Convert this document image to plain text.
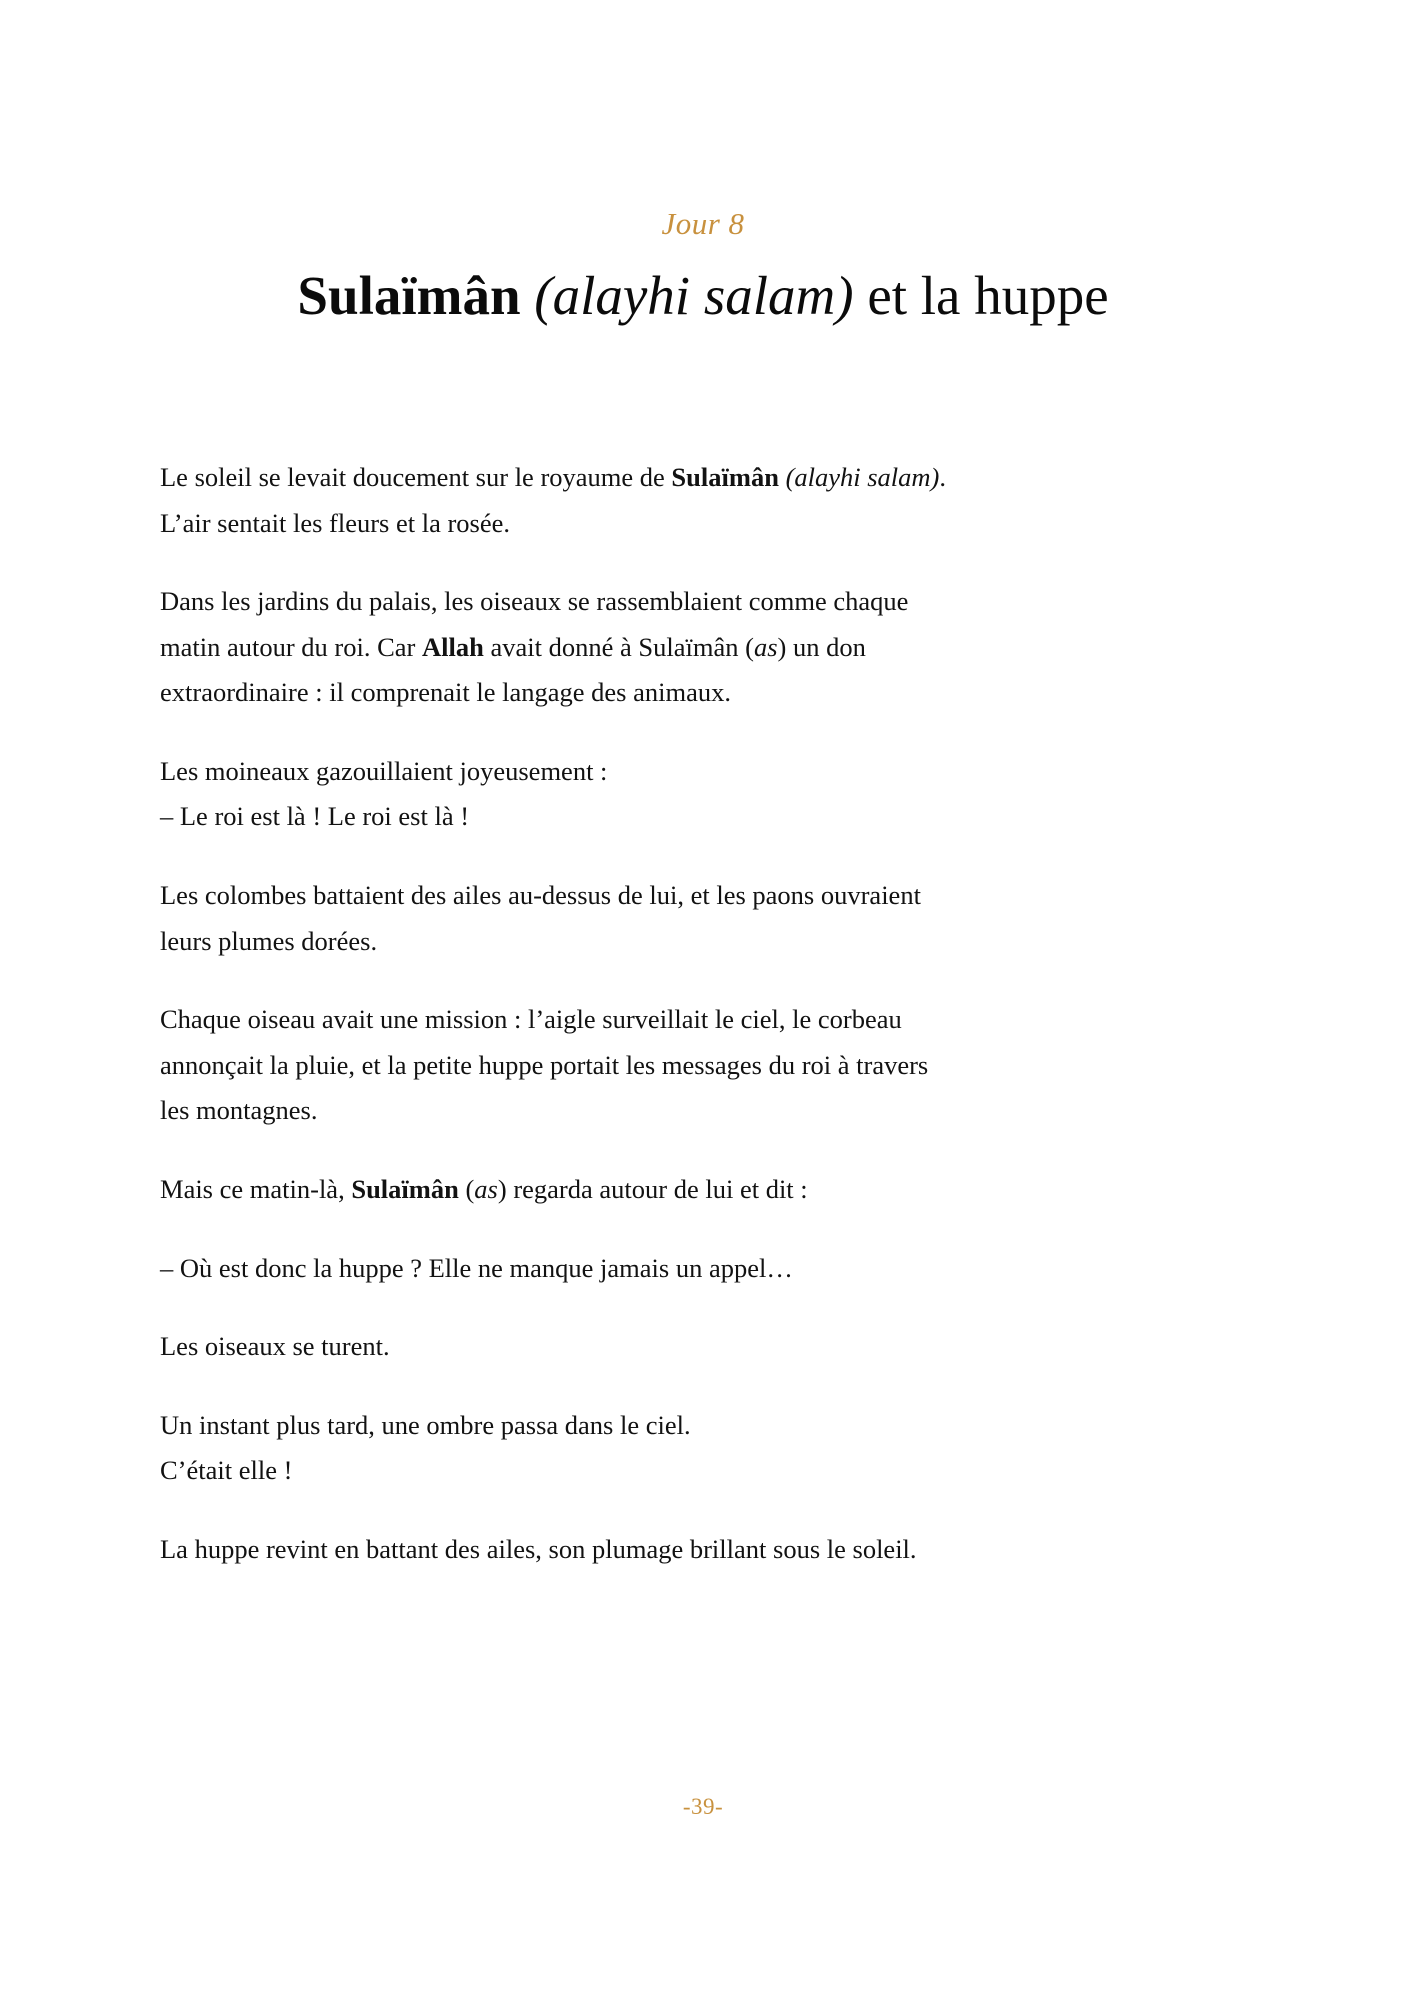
Jour 8
Sulaïmân (alayhi salam) et la huppe

Le soleil se levait doucement sur le royaume de Sulaïmân (alayhi salam). L’air sentait les fleurs et la rosée.

Dans les jardins du palais, les oiseaux se rassemblaient comme chaque matin autour du roi. Car Allah avait donné à Sulaïmân (as) un don extraordinaire : il comprenait le langage des animaux.

Les moineaux gazouillaient joyeusement :
– Le roi est là ! Le roi est là !

Les colombes battaient des ailes au-dessus de lui, et les paons ouvraient leurs plumes dorées.

Chaque oiseau avait une mission : l’aigle surveillait le ciel, le corbeau annonçait la pluie, et la petite huppe portait les messages du roi à travers les montagnes.

Mais ce matin-là, Sulaïmân (as) regarda autour de lui et dit :

– Où est donc la huppe ? Elle ne manque jamais un appel…

Les oiseaux se turent.

Un instant plus tard, une ombre passa dans le ciel.
C’était elle !

La huppe revint en battant des ailes, son plumage brillant sous le soleil.

-39-
